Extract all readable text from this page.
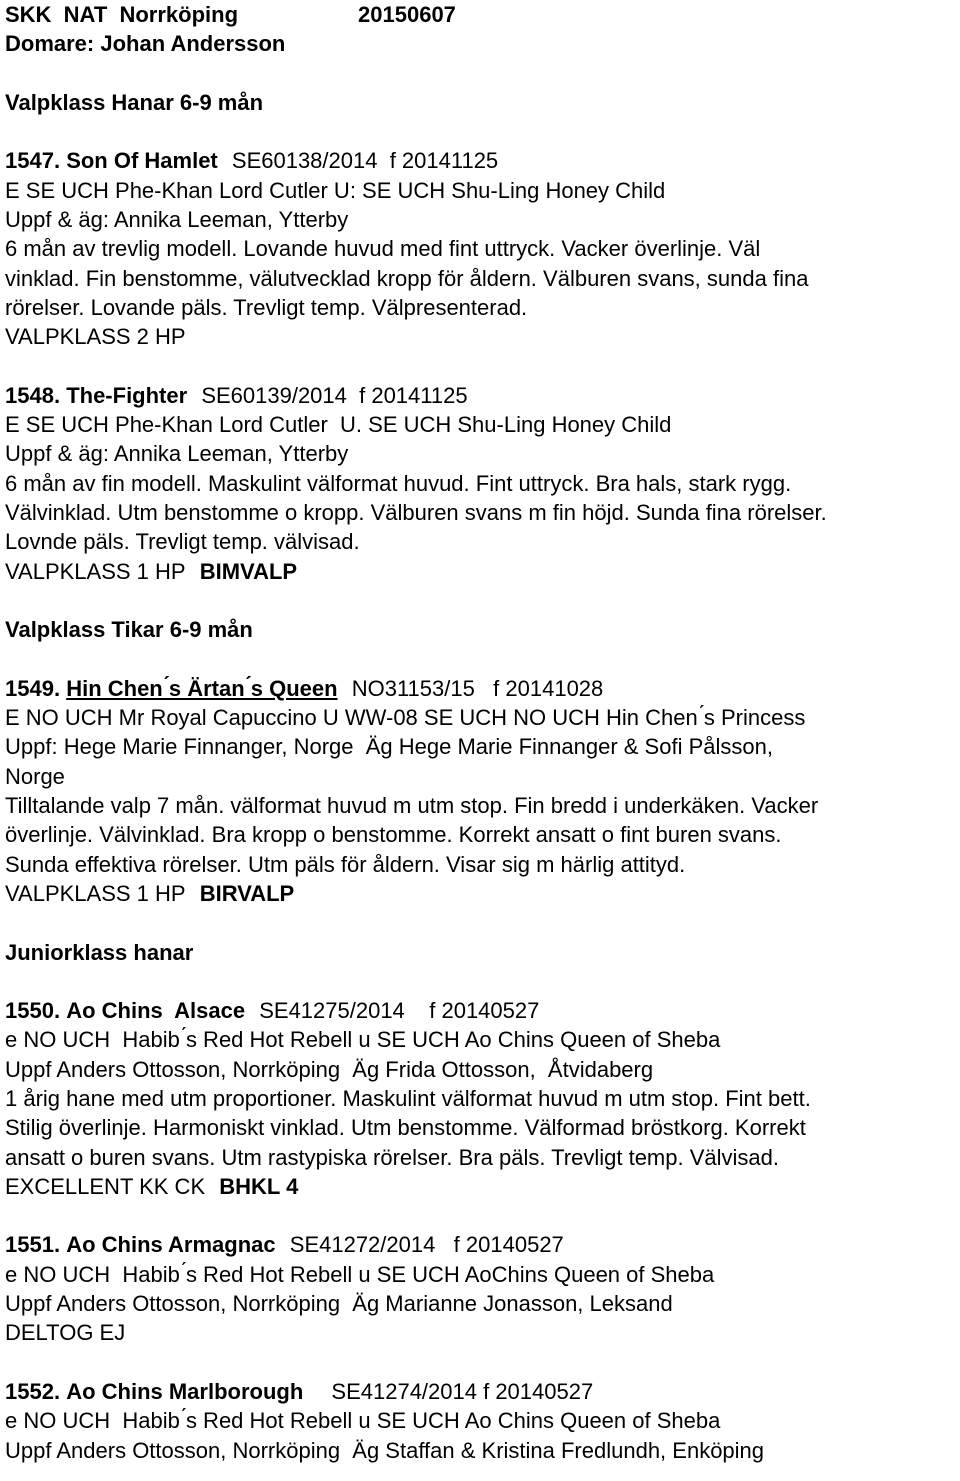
SKK  NAT  Norrköping	20150607
Domare: Johan Andersson
Valpklass Hanar 6-9 mån
1547. Son Of Hamlet SE60138/2014  f 20141125
E SE UCH Phe-Khan Lord Cutler U: SE UCH Shu-Ling Honey Child
Uppf & äg: Annika Leeman, Ytterby
6 mån av trevlig modell. Lovande huvud med fint uttryck. Vacker överlinje. Väl
vinklad. Fin benstomme, välutvecklad kropp för åldern. Välburen svans, sunda fina
rörelser. Lovande päls. Trevligt temp. Välpresenterad.
VALPKLASS 2 HP
1548. The-Fighter SE60139/2014  f 20141125
E SE UCH Phe-Khan Lord Cutler  U. SE UCH Shu-Ling Honey Child
Uppf & äg: Annika Leeman, Ytterby
6 mån av fin modell. Maskulint välformat huvud. Fint uttryck. Bra hals, stark rygg.
Välvinklad. Utm benstomme o kropp. Välburen svans m fin höjd. Sunda fina rörelser.
Lovnde päls. Trevligt temp. välvisad.
VALPKLASS 1 HP BIMVALP
Valpklass Tikar 6-9 mån
1549. Hin Chen ́s Ärtan ́s Queen NO31153/15   f 20141028
E NO UCH Mr Royal Capuccino U WW-08 SE UCH NO UCH Hin Chen ́s Princess
Uppf: Hege Marie Finnanger, Norge  Äg Hege Marie Finnanger & Sofi Pålsson,
Norge
Tilltalande valp 7 mån. välformat huvud m utm stop. Fin bredd i underkäken. Vacker
överlinje. Välvinklad. Bra kropp o benstomme. Korrekt ansatt o fint buren svans.
Sunda effektiva rörelser. Utm päls för åldern. Visar sig m härlig attityd.
VALPKLASS 1 HP BIRVALP
Juniorklass hanar
1550. Ao Chins  Alsace SE41275/2014    f 20140527
e NO UCH  Habib ́s Red Hot Rebell u SE UCH Ao Chins Queen of Sheba
Uppf Anders Ottosson, Norrköping  Äg Frida Ottosson,  Åtvidaberg
1 årig hane med utm proportioner. Maskulint välformat huvud m utm stop. Fint bett.
Stilig överlinje. Harmoniskt vinklad. Utm benstomme. Välformad bröstkorg. Korrekt
ansatt o buren svans. Utm rastypiska rörelser. Bra päls. Trevligt temp. Välvisad.
EXCELLENT KK CK BHKL 4
1551. Ao Chins Armagnac SE41272/2014   f 20140527
e NO UCH  Habib ́s Red Hot Rebell u SE UCH AoChins Queen of Sheba
Uppf Anders Ottosson, Norrköping  Äg Marianne Jonasson, Leksand
DELTOG EJ
1552. Ao Chins Marlborough SE41274/2014 f 20140527
e NO UCH  Habib ́s Red Hot Rebell u SE UCH Ao Chins Queen of Sheba
Uppf Anders Ottosson, Norrköping  Äg Staffan & Kristina Fredlundh, Enköping
